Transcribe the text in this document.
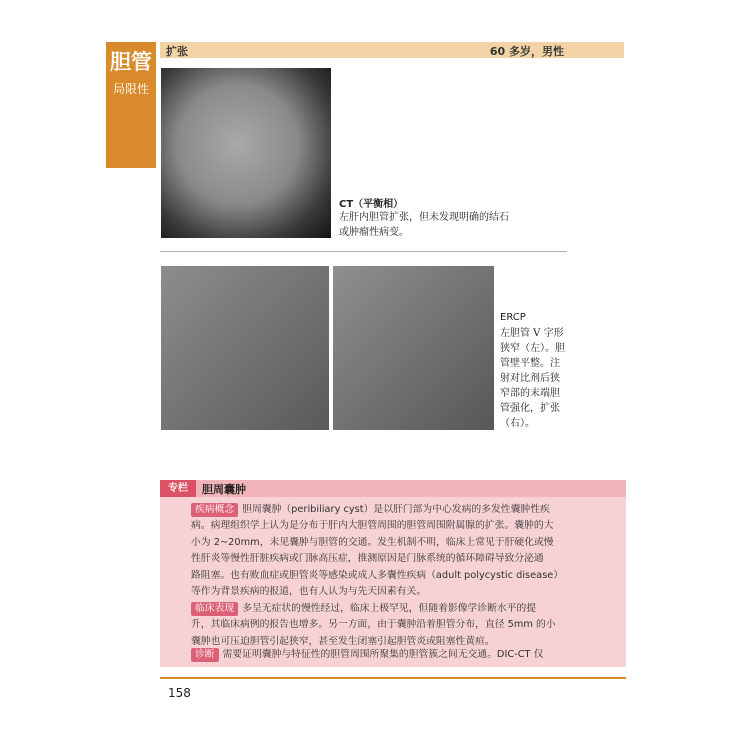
胆管
局限性
扩张	60 多岁，男性
CT（平衡相）
左肝内胆管扩张，但未发现明确的结石
或肿瘤性病变。
ERCP
左胆管 V 字形
狭窄（左）。胆
管壁平整。注
射对比剂后狭
窄部的末端胆
管强化，扩张
（右）。
专栏	胆周囊肿
疾病概念 胆周囊肿（peribiliary cyst）是以肝门部为中心发病的多发性囊肿性疾
病。病理组织学上认为是分布于肝内大胆管周围的胆管周围附属腺的扩张。囊肿的大
小为 2~20mm，未见囊肿与胆管的交通。发生机制不明，临床上常见于肝硬化或慢
性肝炎等慢性肝脏疾病或门脉高压症，推测原因是门脉系统的循环障碍导致分泌通
路阻塞。也有败血症或胆管炎等感染或成人多囊性疾病（adult polycystic disease）
等作为背景疾病的报道，也有人认为与先天因素有关。
临床表现 多呈无症状的慢性经过，临床上极罕见，但随着影像学诊断水平的提
升，其临床病例的报告也增多。另一方面，由于囊肿沿着胆管分布，直径 5mm 的小
囊肿也可压迫胆管引起狭窄，甚至发生闭塞引起胆管炎或阻塞性黄疸。
诊断 需要证明囊肿与特征性的胆管周围所聚集的胆管簇之间无交通。DIC-CT 仅
158
